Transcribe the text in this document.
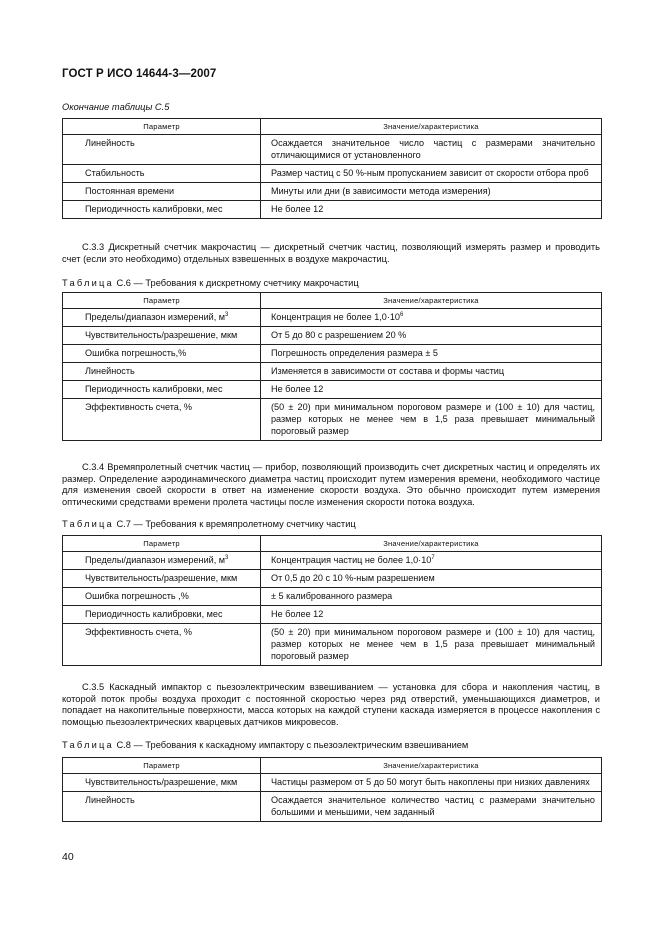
ГОСТ Р ИСО 14644-3—2007
Окончание таблицы С.5
Параметр	Значение/характеристика
Линейность	Осаждается значительное число частиц с размерами значительно отличающимися от установленного
Стабильность	Размер частиц с 50 %-ным пропусканием зависит от скорости отбора проб
Постоянная времени	Минуты или дни (в зависимости метода измерения)
Периодичность калибровки, мес	Не более 12
С.3.3 Дискретный счетчик макрочастиц — дискретный счетчик частиц, позволяющий измерять размер и проводить счет (если это необходимо) отдельных взвешенных в воздухе макрочастиц.
Таблица С.6 — Требования к дискретному счетчику макрочастиц
Параметр	Значение/характеристика
Пределы/диапазон измерений, $м^3$	Концентрация не более $1,0\cdot 10^6$
Чувствительность/разрешение, мкм	От 5 до 80 с разрешением 20 %
Ошибка погрешность,%	Погрешность определения размера ± 5
Линейность	Изменяется в зависимости от состава и формы частиц
Периодичность калибровки, мес	Не более 12
Эффективность счета, %	(50 ± 20) при минимальном пороговом размере и (100 ± 10) для частиц, размер которых не менее чем в 1,5 раза превышает минимальный пороговый размер
С.3.4 Времяпролетный счетчик частиц — прибор, позволяющий производить счет дискретных частиц и определять их размер. Определение аэродинамического диаметра частиц происходит путем измерения времени, необходимого частице для изменения своей скорости в ответ на изменение скорости воздуха. Это обычно происходит путем измерения оптическими средствами времени пролета частицы после изменения скорости потока воздуха.
Таблица С.7 — Требования к времяпролетному счетчику частиц
Параметр	Значение/характеристика
Пределы/диапазон измерений, $м^3$	Концентрация частиц не более $1,0\cdot 10^7$
Чувствительность/разрешение, мкм	От 0,5 до 20 с 10 %-ным разрешением
Ошибка погрешность ,%	± 5 калиброванного размера
Периодичность калибровки, мес	Не более 12
Эффективность счета, %	(50 ± 20) при минимальном пороговом размере и (100 ± 10) для частиц, размер которых не менее чем в 1,5 раза превышает минимальный пороговый размер
С.3.5 Каскадный импактор с пьезоэлектрическим взвешиванием — установка для сбора и накопления частиц, в которой поток пробы воздуха проходит с постоянной скоростью через ряд отверстий, уменьшающихся диаметров, и попадает на накопительные поверхности, масса которых на каждой ступени каскада измеряется в процессе накопления с помощью пьезоэлектрических кварцевых датчиков микровесов.
Таблица С.8 — Требования к каскадному импактору с пьезоэлектрическим взвешиванием
Параметр	Значение/характеристика
Чувствительность/разрешение, мкм	Частицы размером от 5 до 50 могут быть накоплены при низких давлениях
Линейность	Осаждается значительное количество частиц с размерами значительно большими и меньшими, чем заданный
40
